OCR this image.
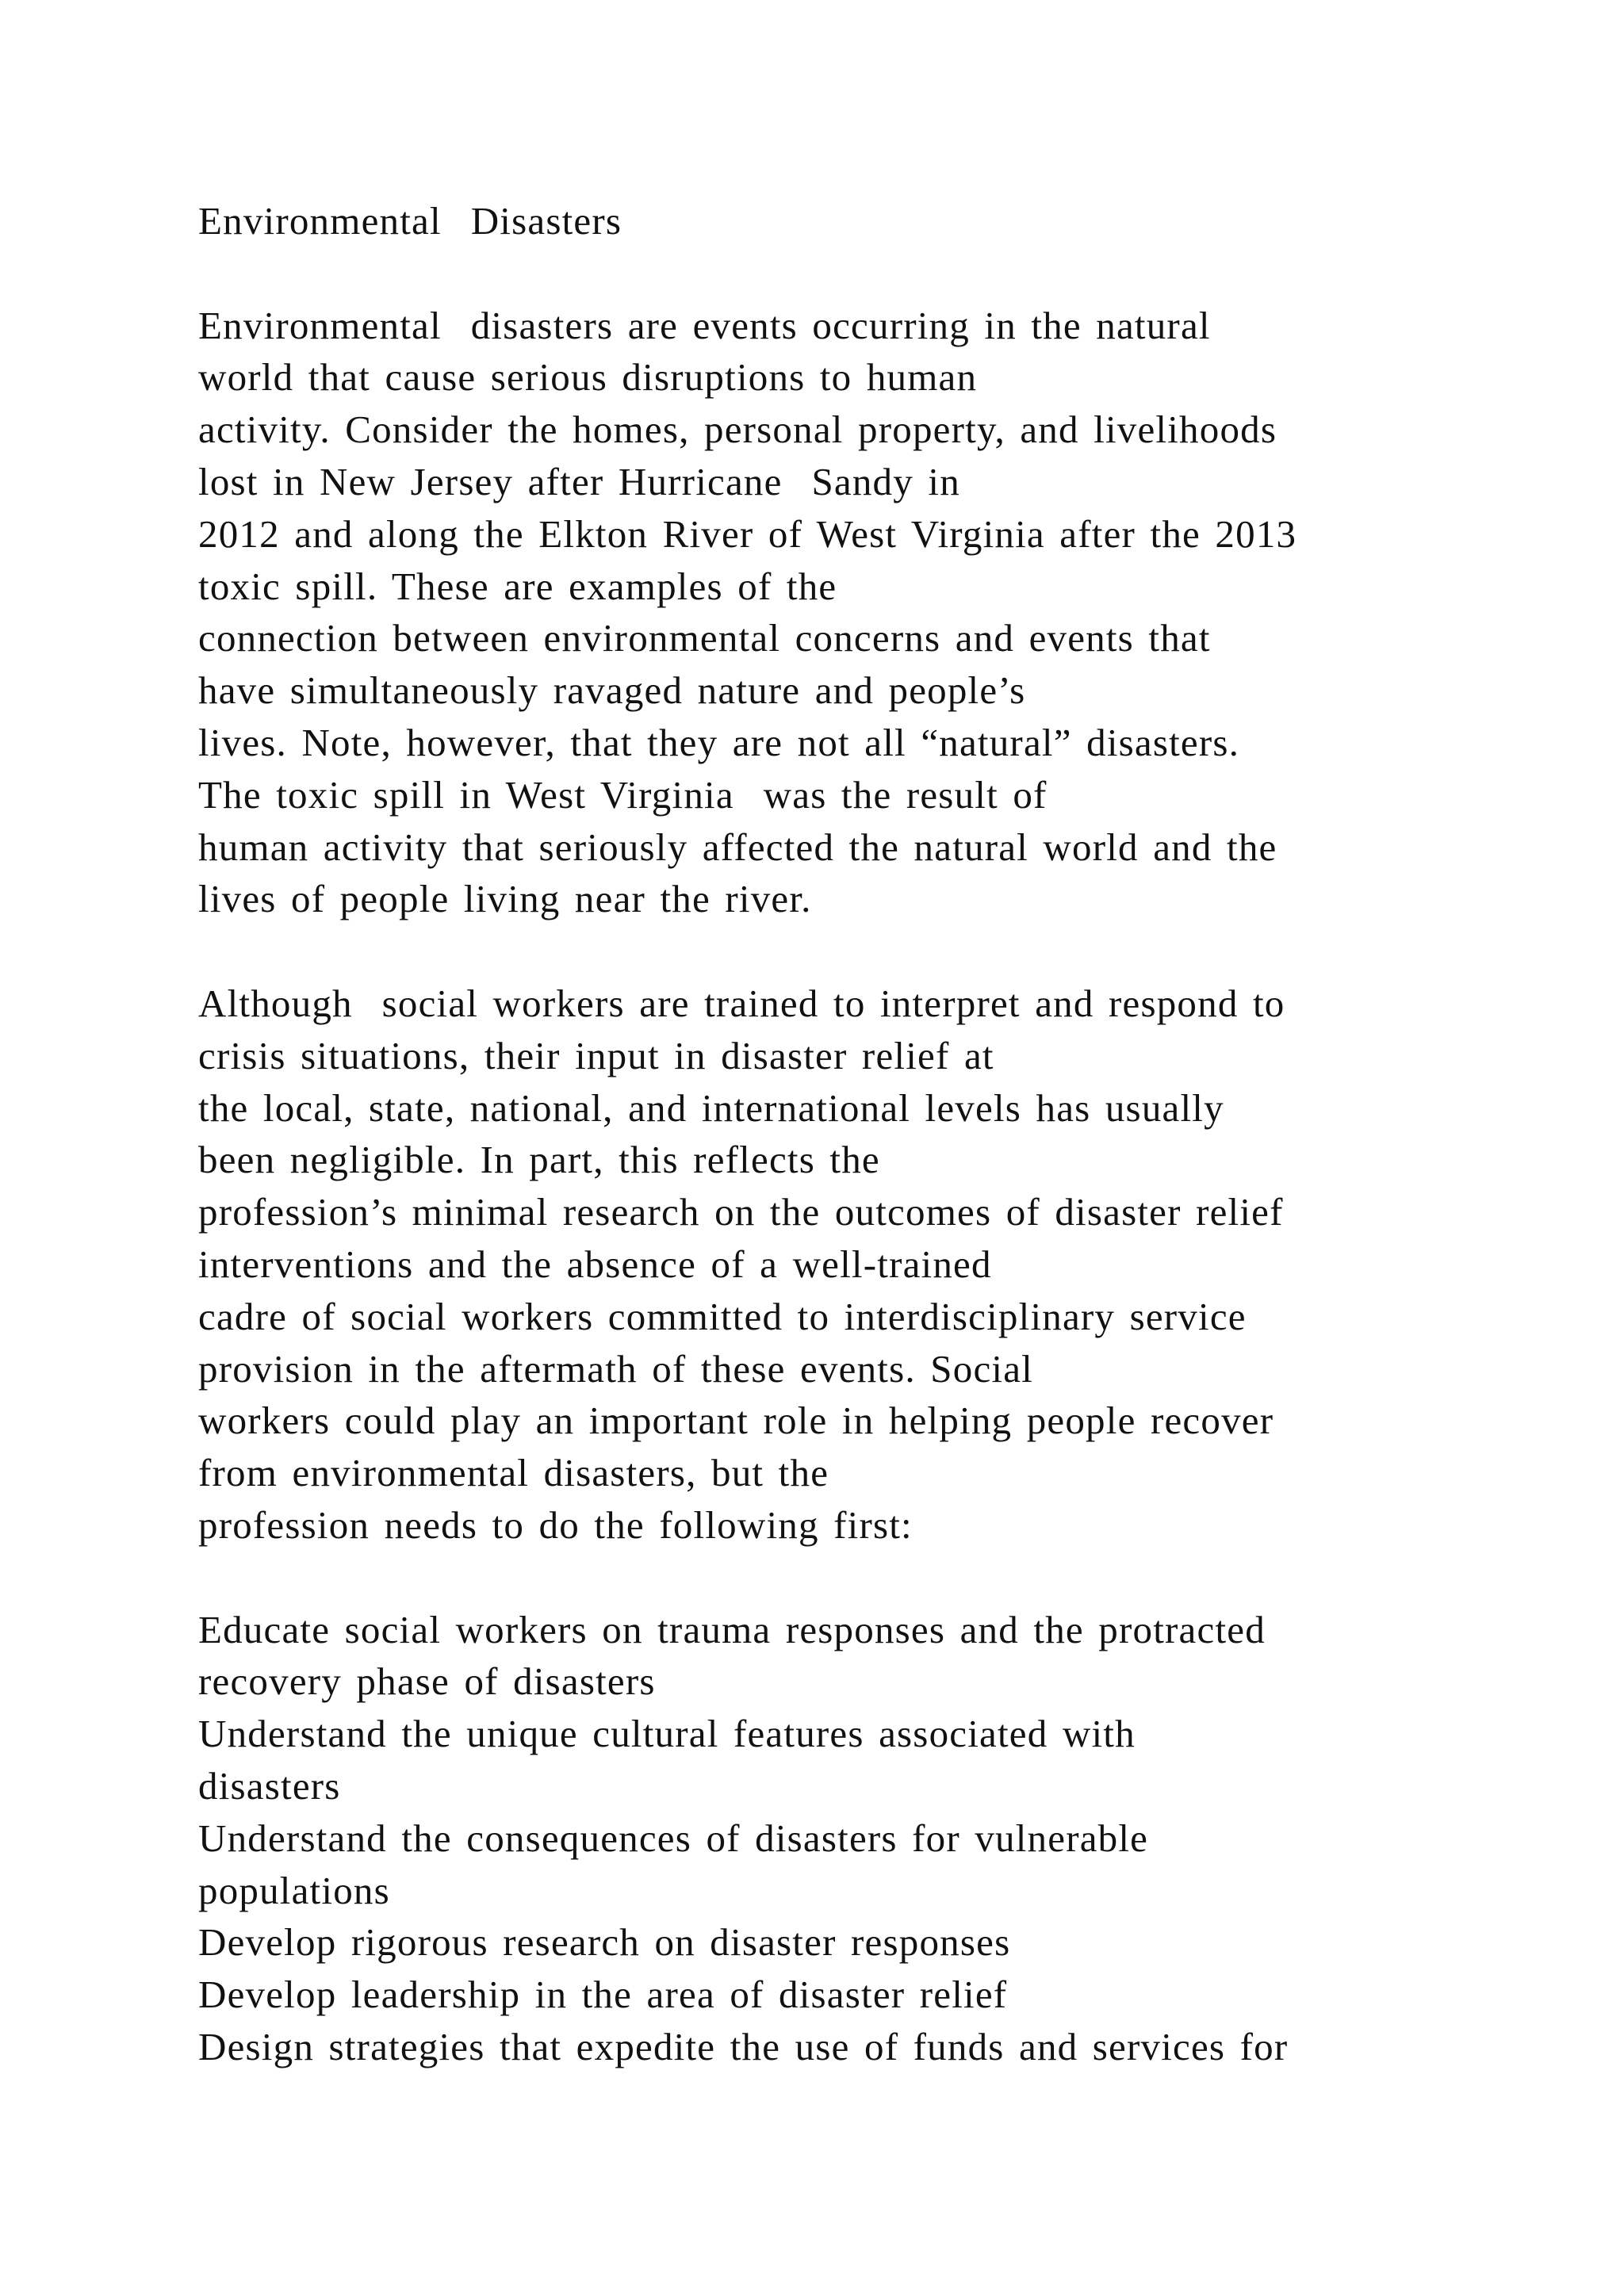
Environmental  Disasters
Environmental  disasters are events occurring in the natural
world that cause serious disruptions to human
activity. Consider the homes, personal property, and livelihoods
lost in New Jersey after Hurricane  Sandy in
2012 and along the Elkton River of West Virginia after the 2013
toxic spill. These are examples of the
connection between environmental concerns and events that
have simultaneously ravaged nature and people’s
lives. Note, however, that they are not all “natural” disasters.
The toxic spill in West Virginia  was the result of
human activity that seriously affected the natural world and the
lives of people living near the river.
Although  social workers are trained to interpret and respond to
crisis situations, their input in disaster relief at
the local, state, national, and international levels has usually
been negligible. In part, this reflects the
profession’s minimal research on the outcomes of disaster relief
interventions and the absence of a well-trained
cadre of social workers committed to interdisciplinary service
provision in the aftermath of these events. Social
workers could play an important role in helping people recover
from environmental disasters, but the
profession needs to do the following first:
Educate social workers on trauma responses and the protracted
recovery phase of disasters
Understand the unique cultural features associated with
disasters
Understand the consequences of disasters for vulnerable
populations
Develop rigorous research on disaster responses
Develop leadership in the area of disaster relief
Design strategies that expedite the use of funds and services for
